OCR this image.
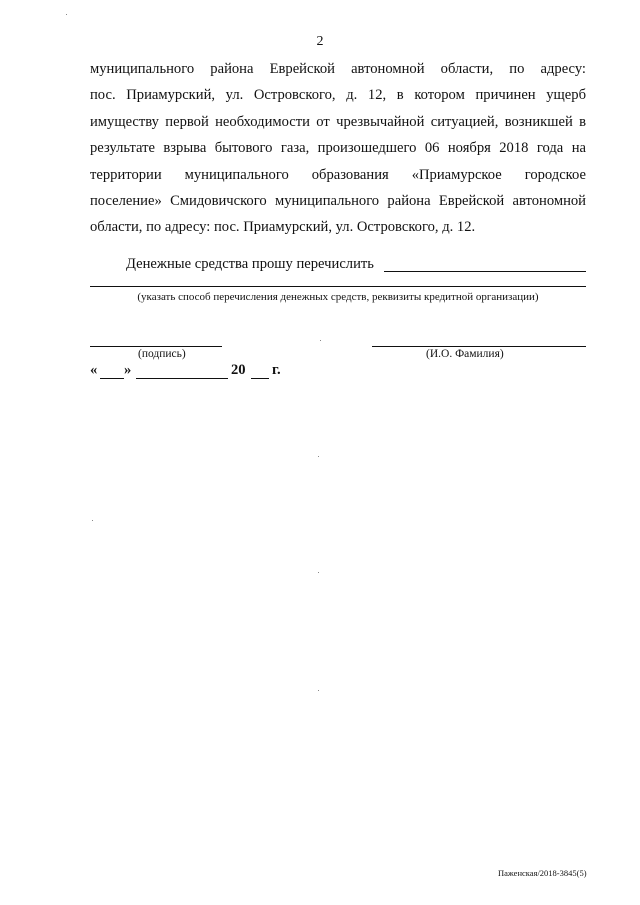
2
муниципального района Еврейской автономной области, по адресу:
пос. Приамурский, ул. Островского, д. 12, в котором причинен ущерб
имуществу первой необходимости от чрезвычайной ситуацией, возникшей в
результате взрыва бытового газа, произошедшего 06 ноября 2018 года на
территории муниципального образования «Приамурское городское
поселение» Смидовичского муниципального района Еврейской автономной
области, по адресу: пос. Приамурский, ул. Островского, д. 12.
Денежные средства прошу перечислить
(указать способ перечисления денежных средств, реквизиты кредитной организации)
(подпись)	(И.О. Фамилия)
« »	20 г.
Паженская/2018-3845(5)
